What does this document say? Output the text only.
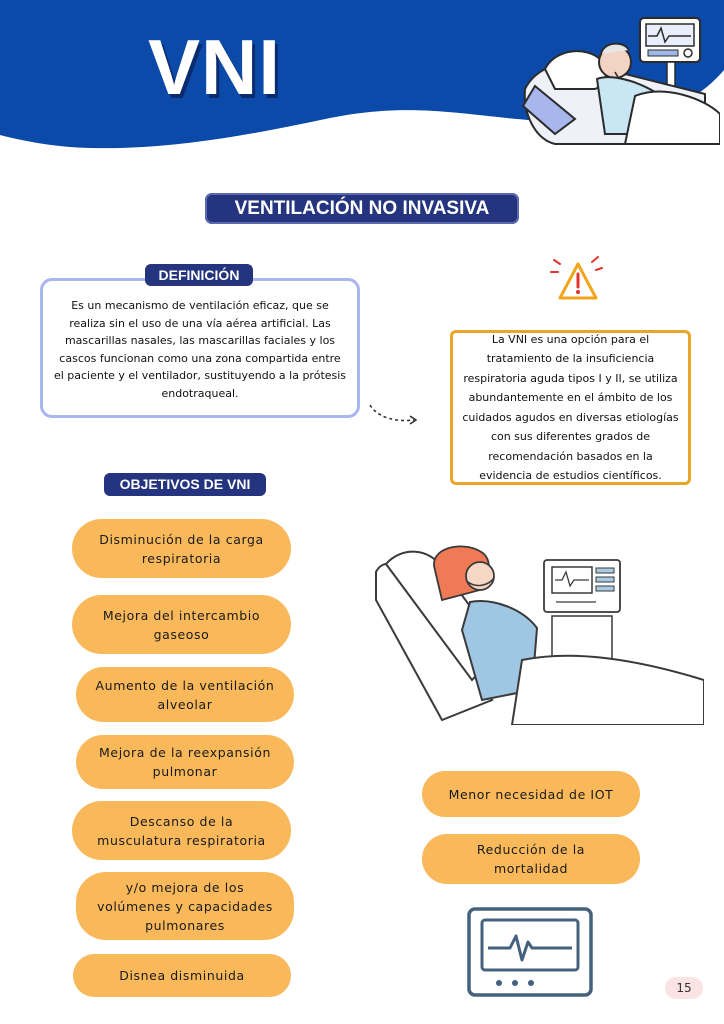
VNI
VENTILACIÓN NO INVASIVA
Es un mecanismo de ventilación eficaz, que se realiza sin el uso de una vía aérea artificial. Las mascarillas nasales, las mascarillas faciales y los cascos funcionan como una zona compartida entre el paciente y el ventilador, sustituyendo a la prótesis endotraqueal.
DEFINICIÓN
La VNI es una opción para el tratamiento de la insuficiencia respiratoria aguda tipos I y II, se utiliza abundantemente en el ámbito de los cuidados agudos en diversas etiologías con sus diferentes grados de recomendación basados en la evidencia de estudios científicos.
OBJETIVOS DE VNI
Disminución de la carga respiratoria
Mejora del intercambio gaseoso
Aumento de la ventilación alveolar
Mejora de la reexpansión pulmonar
Descanso de la musculatura respiratoria
y/o mejora de los volúmenes y capacidades pulmonares
Disnea disminuida
Menor necesidad de IOT
Reducción de la mortalidad
15
